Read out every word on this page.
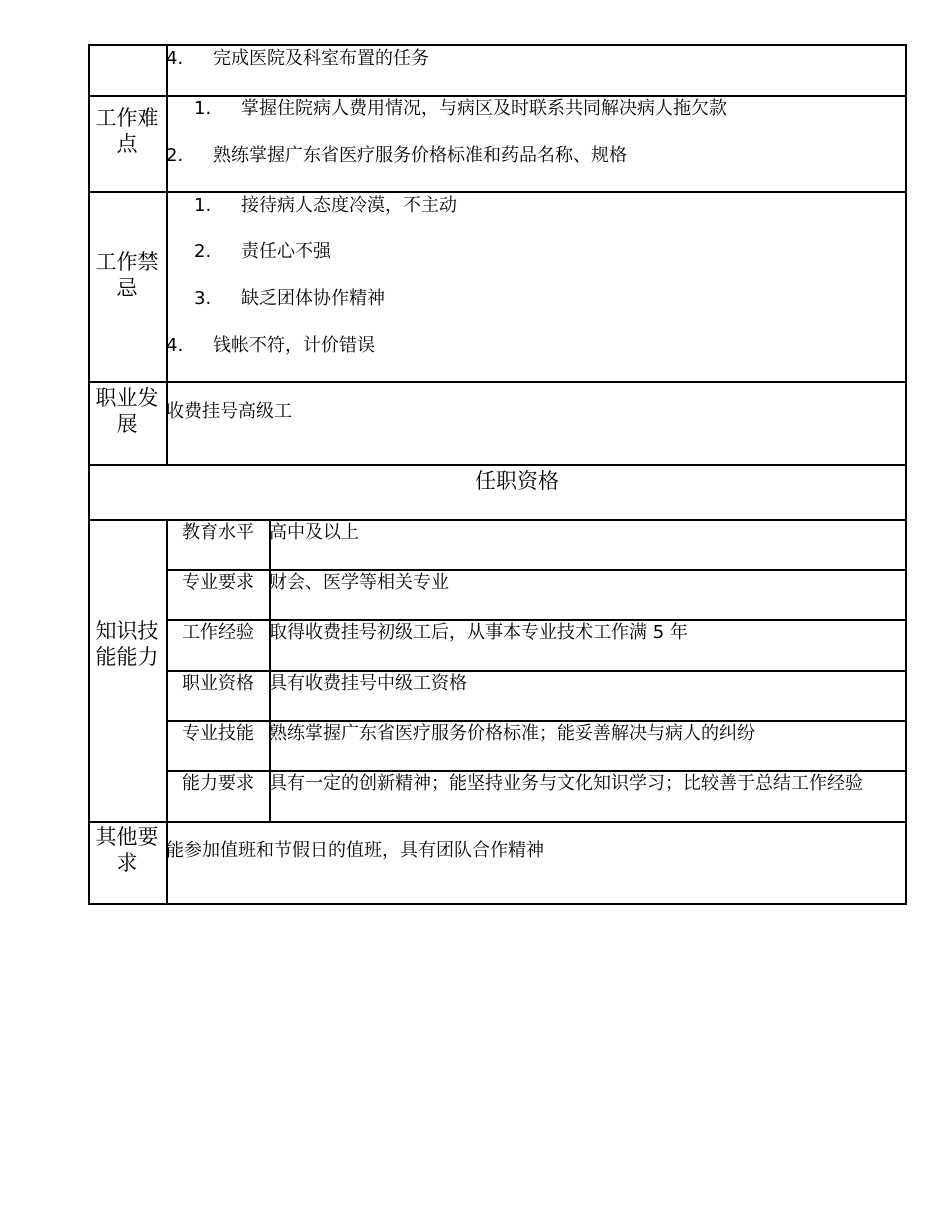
4. 完成医院及科室布置的任务
工作难点
1. 掌握住院病人费用情况，与病区及时联系共同解决病人拖欠款
2. 熟练掌握广东省医疗服务价格标准和药品名称、规格
工作禁忌
1. 接待病人态度冷漠，不主动
2. 责任心不强
3. 缺乏团体协作精神
4. 钱帐不符，计价错误
职业发展
收费挂号高级工
任职资格
知识技能能力
教育水平 高中及以上
专业要求 财会、医学等相关专业
工作经验 取得收费挂号初级工后，从事本专业技术工作满 5 年
职业资格 具有收费挂号中级工资格
专业技能 熟练掌握广东省医疗服务价格标准；能妥善解决与病人的纠纷
能力要求 具有一定的创新精神；能坚持业务与文化知识学习；比较善于总结工作经验
其他要求
能参加值班和节假日的值班，具有团队合作精神
